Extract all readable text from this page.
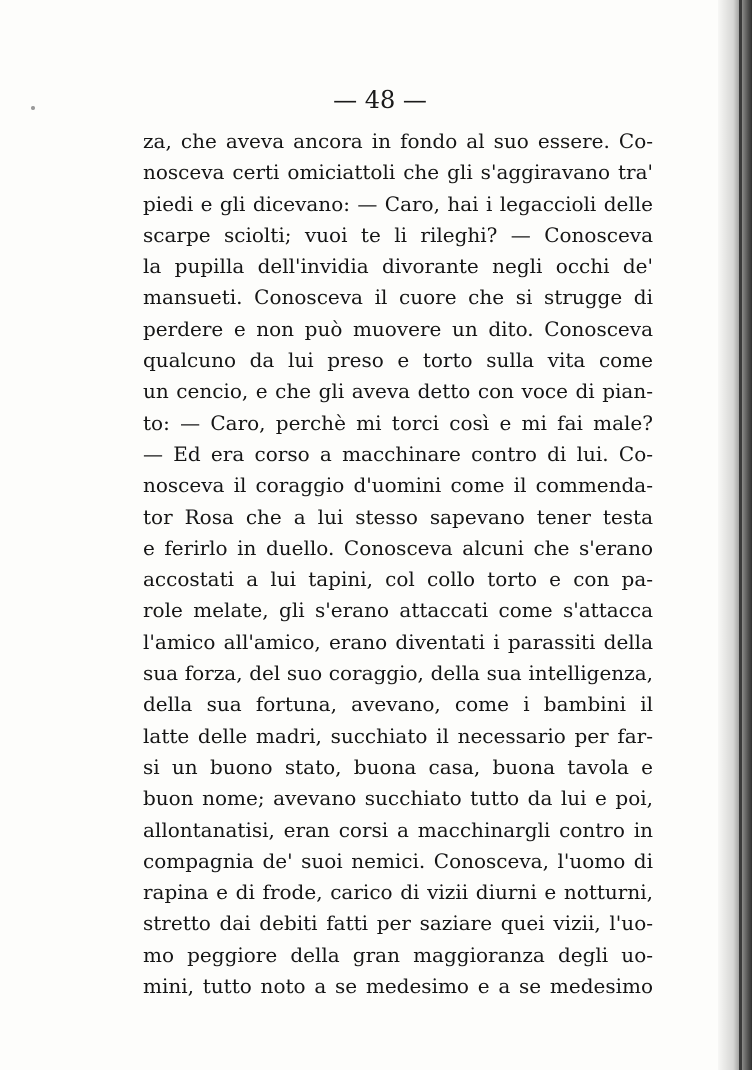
— 48 —
za, che aveva ancora in fondo al suo essere. Co-
nosceva certi omiciattoli che gli s'aggiravano tra'
piedi e gli dicevano: — Caro, hai i legaccioli delle
scarpe sciolti; vuoi te li rileghi? — Conosceva
la pupilla dell'invidia divorante negli occhi de'
mansueti. Conosceva il cuore che si strugge di
perdere e non può muovere un dito. Conosceva
qualcuno da lui preso e torto sulla vita come
un cencio, e che gli aveva detto con voce di pian-
to: — Caro, perchè mi torci così e mi fai male?
— Ed era corso a macchinare contro di lui. Co-
nosceva il coraggio d'uomini come il commenda-
tor Rosa che a lui stesso sapevano tener testa
e ferirlo in duello. Conosceva alcuni che s'erano
accostati a lui tapini, col collo torto e con pa-
role melate, gli s'erano attaccati come s'attacca
l'amico all'amico, erano diventati i parassiti della
sua forza, del suo coraggio, della sua intelligenza,
della sua fortuna, avevano, come i bambini il
latte delle madri, succhiato il necessario per far-
si un buono stato, buona casa, buona tavola e
buon nome; avevano succhiato tutto da lui e poi,
allontanatisi, eran corsi a macchinargli contro in
compagnia de' suoi nemici. Conosceva, l'uomo di
rapina e di frode, carico di vizii diurni e notturni,
stretto dai debiti fatti per saziare quei vizii, l'uo-
mo peggiore della gran maggioranza degli uo-
mini, tutto noto a se medesimo e a se medesimo
